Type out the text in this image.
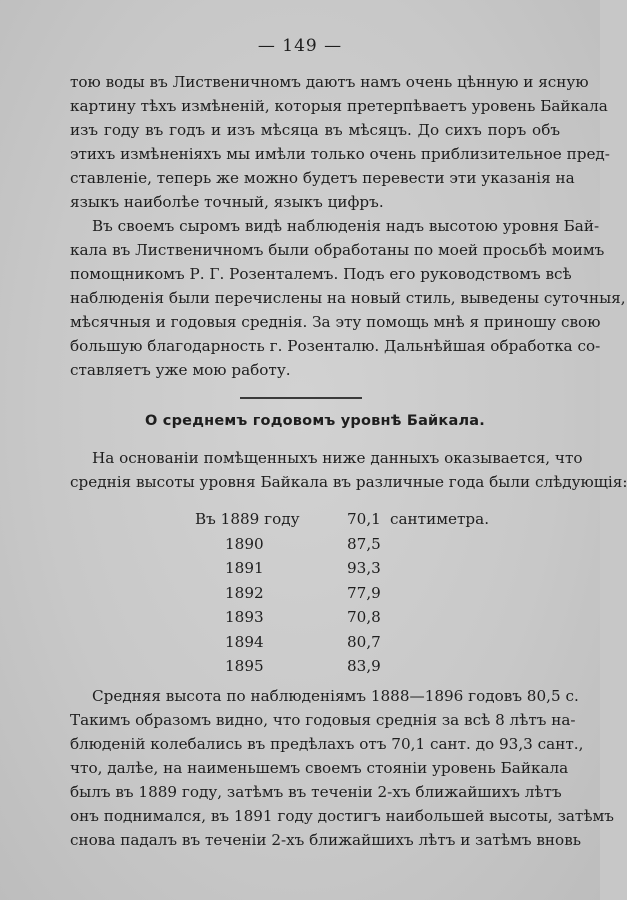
— 149 —
тою воды въ Лиственичномъ даютъ намъ очень цѣнную и ясную
картину тѣхъ измѣненій, которыя претерпѣваетъ уровень Байкала
изъ году въ годъ и изъ мѣсяца въ мѣсяцъ. До сихъ поръ объ
этихъ измѣненіяхъ мы имѣли только очень приблизительное пред-
ставленіе, теперь же можно будетъ перевести эти указанія на
языкъ наиболѣе точный, языкъ цифръ.
Въ своемъ сыромъ видѣ наблюденія надъ высотою уровня Бай-
кала въ Лиственичномъ были обработаны по моей просьбѣ моимъ
помощникомъ Р. Г. Розенталемъ. Подъ его руководствомъ всѣ
наблюденія были перечислены на новый стиль, выведены суточныя,
мѣсячныя и годовыя среднія. За эту помощь мнѣ я приношу свою
большую благодарность г. Розенталю. Дальнѣйшая обработка со-
ставляетъ уже мою работу.
О среднемъ годовомъ уровнѣ Байкала.
На основаніи помѣщенныхъ ниже данныхъ оказывается, что
среднія высоты уровня Байкала въ различные года были слѣдующія:
Въ 1889 году	70,1 сантиметра.
1890	87,5
1891	93,3
1892	77,9
1893	70,8
1894	80,7
1895	83,9
Средняя высота по наблюденіямъ 1888—1896 годовъ 80,5 с.
Такимъ образомъ видно, что годовыя среднія за всѣ 8 лѣтъ на-
блюденій колебались въ предѣлахъ отъ 70,1 сант. до 93,3 сант.,
что, далѣе, на наименьшемъ своемъ стояніи уровень Байкала
былъ въ 1889 году, затѣмъ въ теченіи 2-хъ ближайшихъ лѣтъ
онъ поднимался, въ 1891 году достигъ наибольшей высоты, затѣмъ
снова падалъ въ теченіи 2-хъ ближайшихъ лѣтъ и затѣмъ вновь
